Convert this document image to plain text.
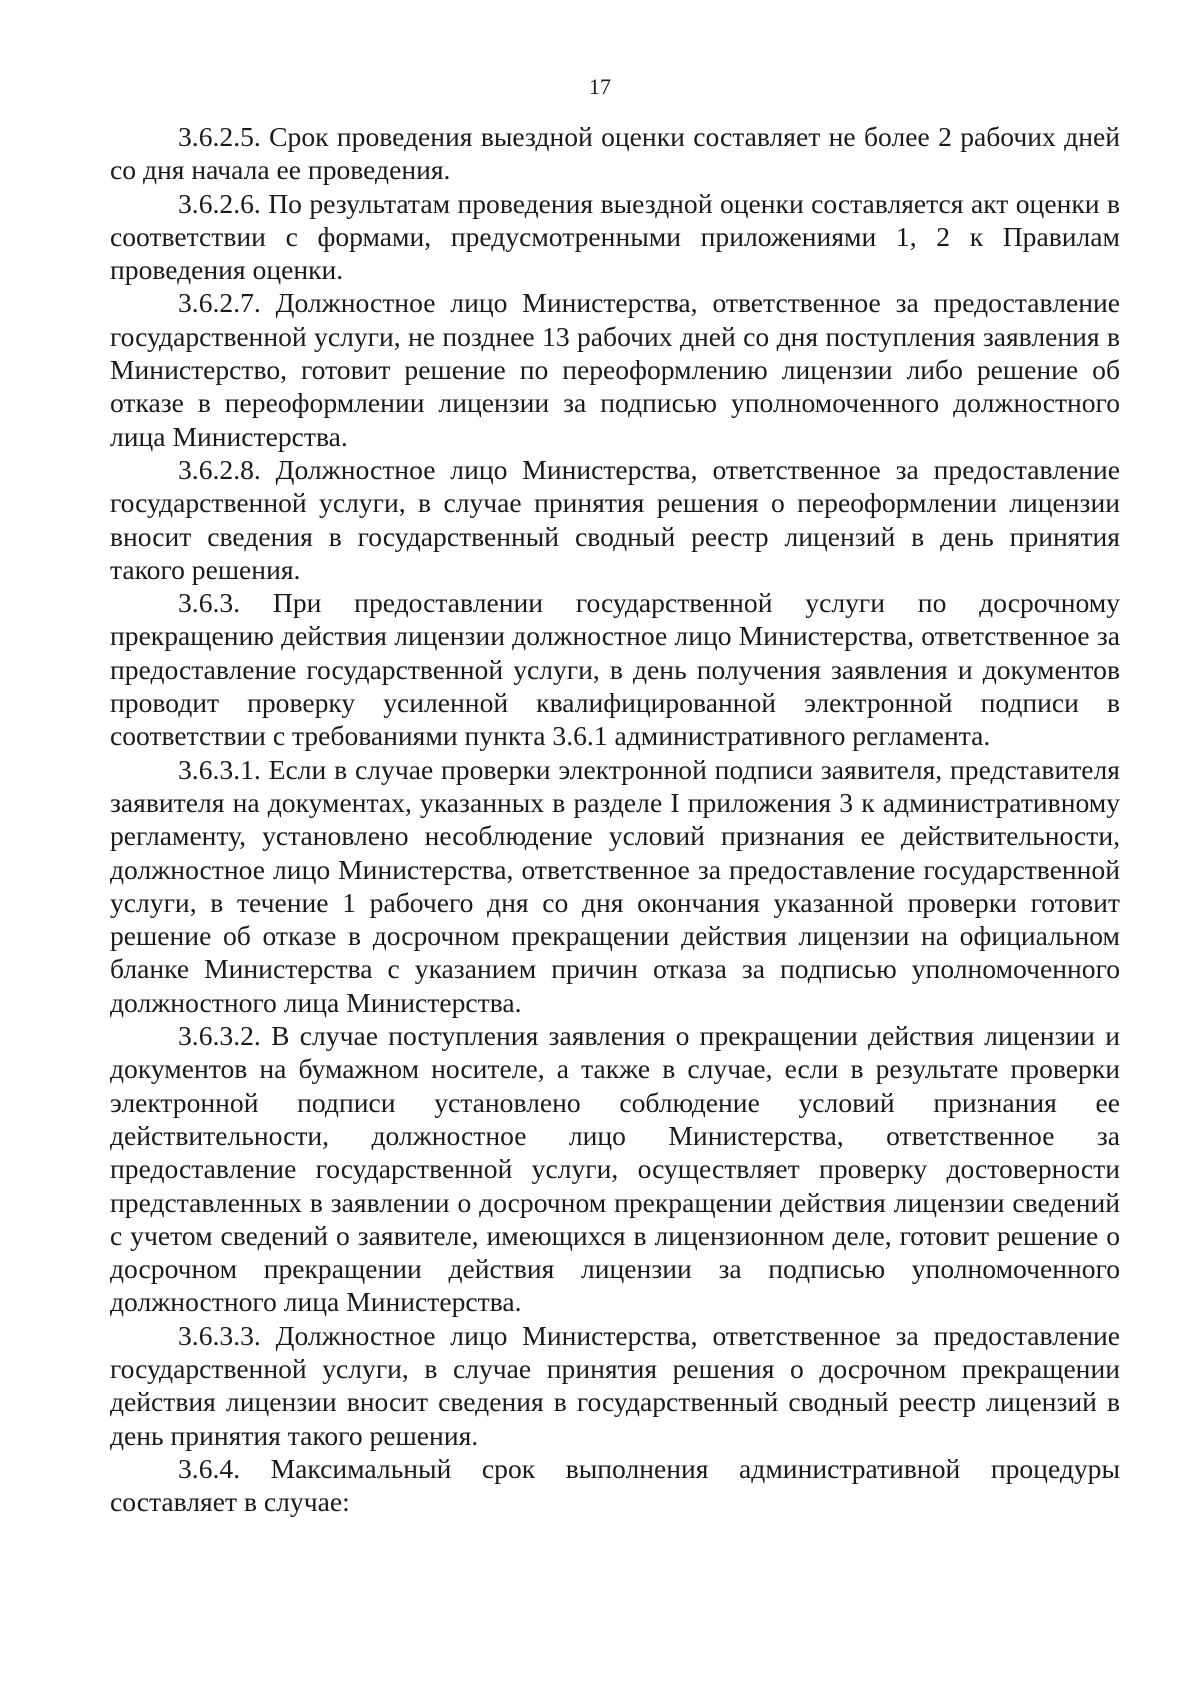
17

3.6.2.5. Срок проведения выездной оценки составляет не более 2 рабочих дней со дня начала ее проведения.

3.6.2.6. По результатам проведения выездной оценки составляется акт оценки в соответствии с формами, предусмотренными приложениями 1, 2 к Правилам проведения оценки.

3.6.2.7. Должностное лицо Министерства, ответственное за предоставление государственной услуги, не позднее 13 рабочих дней со дня поступления заявления в Министерство, готовит решение по переоформлению лицензии либо решение об отказе в переоформлении лицензии за подписью уполномоченного должностного лица Министерства.

3.6.2.8. Должностное лицо Министерства, ответственное за предоставление государственной услуги, в случае принятия решения о переоформлении лицензии вносит сведения в государственный сводный реестр лицензий в день принятия такого решения.

3.6.3. При предоставлении государственной услуги по досрочному прекращению действия лицензии должностное лицо Министерства, ответственное за предоставление государственной услуги, в день получения заявления и документов проводит проверку усиленной квалифицированной электронной подписи в соответствии с требованиями пункта 3.6.1 административного регламента.

3.6.3.1. Если в случае проверки электронной подписи заявителя, представителя заявителя на документах, указанных в разделе I приложения 3 к административному регламенту, установлено несоблюдение условий признания ее действительности, должностное лицо Министерства, ответственное за предоставление государственной услуги, в течение 1 рабочего дня со дня окончания указанной проверки готовит решение об отказе в досрочном прекращении действия лицензии на официальном бланке Министерства с указанием причин отказа за подписью уполномоченного должностного лица Министерства.

3.6.3.2. В случае поступления заявления о прекращении действия лицензии и документов на бумажном носителе, а также в случае, если в результате проверки электронной подписи установлено соблюдение условий признания ее действительности, должностное лицо Министерства, ответственное за предоставление государственной услуги, осуществляет проверку достоверности представленных в заявлении о досрочном прекращении действия лицензии сведений с учетом сведений о заявителе, имеющихся в лицензионном деле, готовит решение о досрочном прекращении действия лицензии за подписью уполномоченного должностного лица Министерства.

3.6.3.3. Должностное лицо Министерства, ответственное за предоставление государственной услуги, в случае принятия решения о досрочном прекращении действия лицензии вносит сведения в государственный сводный реестр лицензий в день принятия такого решения.

3.6.4. Максимальный срок выполнения административной процедуры составляет в случае:
